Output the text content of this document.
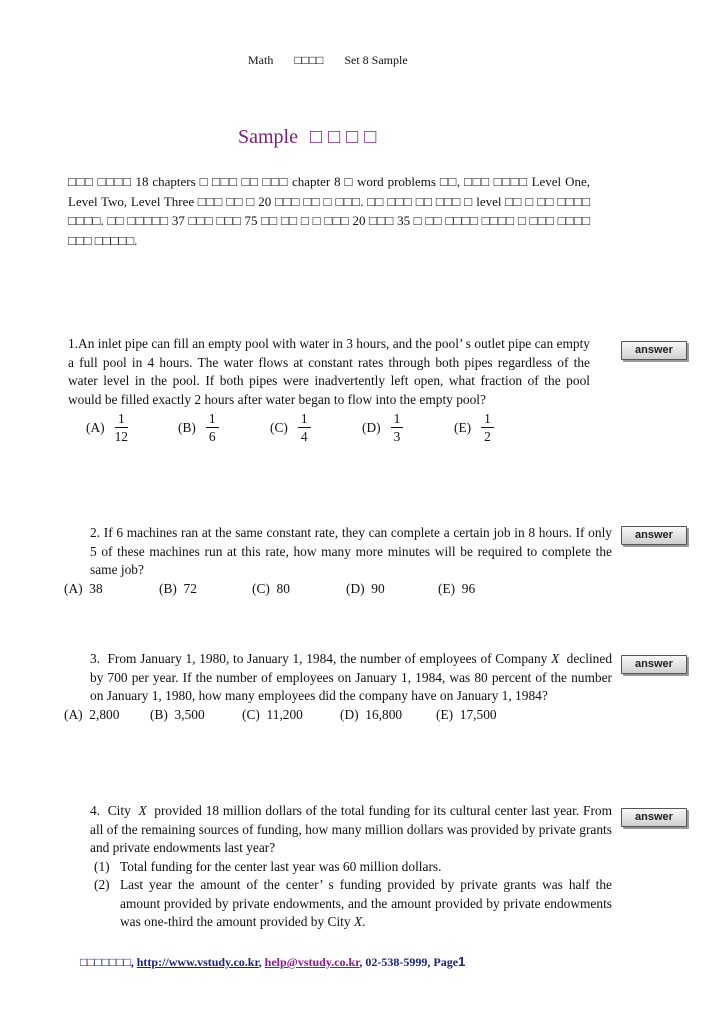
Math □□□□ Set 8 Sample
Sample □□□□
□□□ □□□□ 18 chapters □ □□□ □□ □□□ chapter 8 □ word problems □□, □□□ □□□□ Level One, Level Two, Level Three □□□ □□ □ 20 □□□ □□ □ □□□. □□ □□□ □□ □□□ □ level □□ □ □□ □□□□ □□□□. □□ □□□□□ 37 □□□ □□□ 75 □□ □□ □ □ □□□ 20 □□□ 35 □ □□ □□□□ □□□□ □ □□□ □□□□ □□□ □□□□□.

1.An inlet pipe can fill an empty pool with water in 3 hours, and the pool’ s outlet pipe can empty a full pool in 4 hours. The water flows at constant rates through both pipes regardless of the water level in the pool. If both pipes were inadvertently left open, what fraction of the pool would be filled exactly 2 hours after water began to flow into the empty pool?

$(A) \frac{1}{12}$	$(B) \frac{1}{6}$	$(C) \frac{1}{4}$	$(D) \frac{1}{3}$	$(E) \frac{1}{2}$
answer

2. If 6 machines ran at the same constant rate, they can complete a certain job in 8 hours. If only 5 of these machines run at this rate, how many more minutes will be required to complete the same job?

(A)  38	(B)  72	(C)  80	(D)  90	(E)  96
answer

3. From January 1, 1980, to January 1, 1984, the number of employees of Company X declined by 700 per year. If the number of employees on January 1, 1984, was 80 percent of the number on January 1, 1980, how many employees did the company have on January 1, 1984?

(A)  2,800	(B)  3,500	(C)  11,200	(D)  16,800	(E)  17,500
answer

4. City X provided 18 million dollars of the total funding for its cultural center last year. From all of the remaining sources of funding, how many million dollars was provided by private grants and private endowments last year?

(1) Total funding for the center last year was 60 million dollars.
(2) Last year the amount of the center’ s funding provided by private grants was half the amount provided by private endowments, and the amount provided by private endowments was one-third the amount provided by City X.
answer
□□□□□□□, http://www.vstudy.co.kr, help@vstudy.co.kr, 02-538-5999, Page1
